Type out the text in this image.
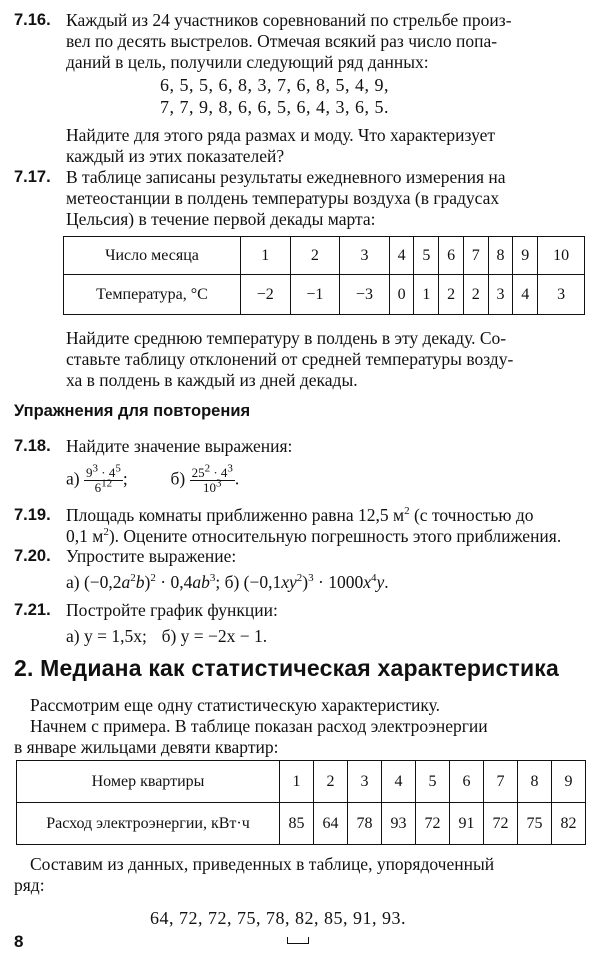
7.16. Каждый из 24 участников соревнований по стрельбе произ-
вел по десять выстрелов. Отмечая всякий раз число попа-
даний в цель, получили следующий ряд данных:
6, 5, 5, 6, 8, 3, 7, 6, 8, 5, 4, 9,
7, 7, 9, 8, 6, 6, 5, 6, 4, 3, 6, 5.
Найдите для этого ряда размах и моду. Что характеризует
каждый из этих показателей?
7.17. В таблице записаны результаты ежедневного измерения на
метеостанции в полдень температуры воздуха (в градусах
Цельсия) в течение первой декады марта:
Число месяца	1	2	3	4	5	6	7	8	9	10
Температура, °С	−2	−1	−3	0	1	2	2	3	4	3
Найдите среднюю температуру в полдень в эту декаду. Со-
ставьте таблицу отклонений от средней температуры возду-
ха в полдень в каждый из дней декады.
Упражнения для повторения
7.18. Найдите значение выражения:
$а) \frac{9^3 \cdot 4^5}{6^{12}}$ ; $б) \frac{25^2 \cdot 4^3}{10^3}$ .
7.19. Площадь комнаты приближенно равна 12,5 $м^2$ (с точностью до
0,1 $м^2$). Оцените относительную погрешность этого приближения.
7.20. Упростите выражение:
а) $(-0,2a^2b)^2 \cdot 0,4ab^3$; б) $(-0,1xy^2)^3 \cdot 1000x^4y$.
7.21. Постройте график функции:
а) y = 1,5x; б) y = −2x − 1.
2. Медиана как статистическая характеристика
Рассмотрим еще одну статистическую характеристику.
Начнем с примера. В таблице показан расход электроэнергии
в январе жильцами девяти квартир:
Номер квартиры	1	2	3	4	5	6	7	8	9
Расход электроэнергии, кВт·ч	85	64	78	93	72	91	72	75	82
Составим из данных, приведенных в таблице, упорядоченный
ряд:
64, 72, 72, 75, 78, 82, 85, 91, 93.
8
